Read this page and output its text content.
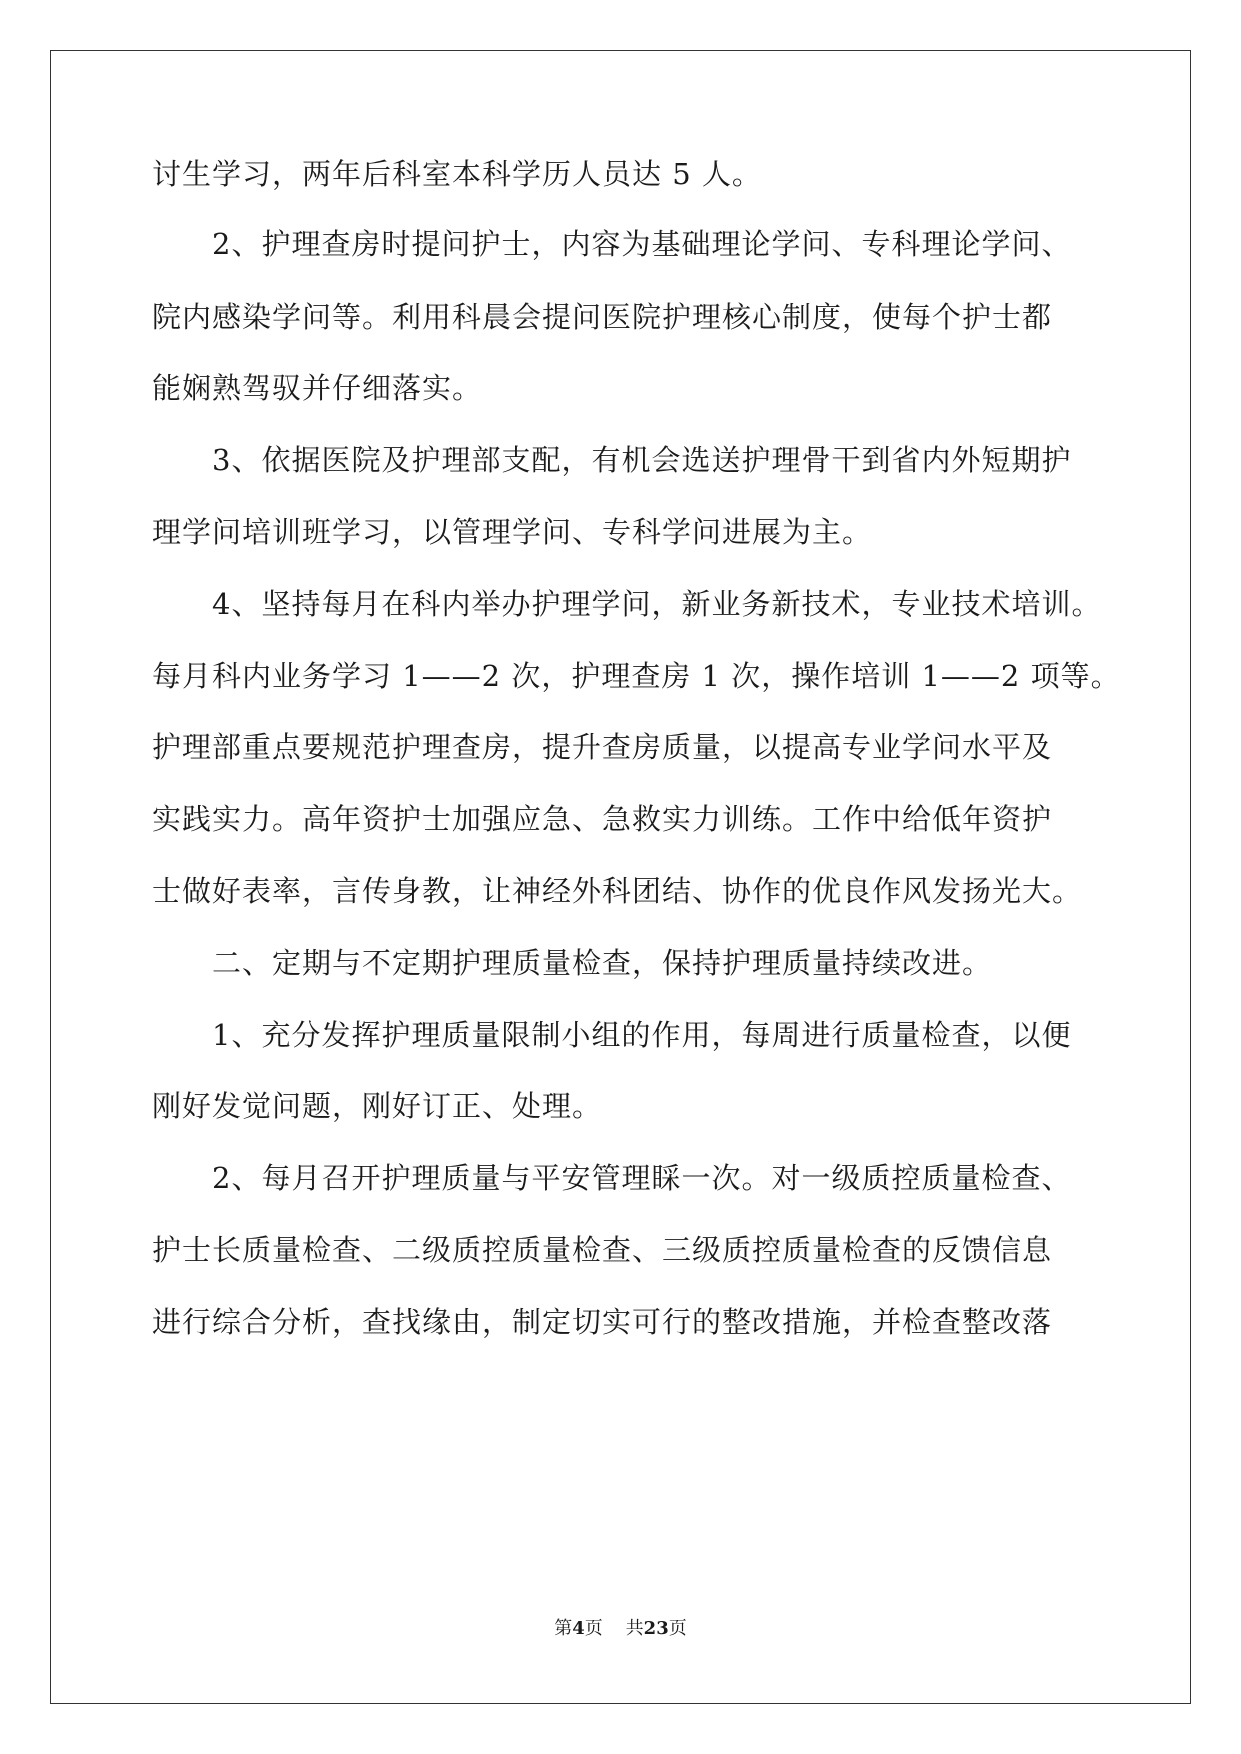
讨生学习，两年后科室本科学历人员达 5 人。
　　2、护理查房时提问护士，内容为基础理论学问、专科理论学问、
院内感染学问等。利用科晨会提问医院护理核心制度，使每个护士都
能娴熟驾驭并仔细落实。
　　3、依据医院及护理部支配，有机会选送护理骨干到省内外短期护
理学问培训班学习，以管理学问、专科学问进展为主。
　　4、坚持每月在科内举办护理学问，新业务新技术，专业技术培训。
每月科内业务学习 1——2 次，护理查房 1 次，操作培训 1——2 项等。
护理部重点要规范护理查房，提升查房质量，以提高专业学问水平及
实践实力。高年资护士加强应急、急救实力训练。工作中给低年资护
士做好表率，言传身教，让神经外科团结、协作的优良作风发扬光大。
　　二、定期与不定期护理质量检查，保持护理质量持续改进。
　　1、充分发挥护理质量限制小组的作用，每周进行质量检查，以便
刚好发觉问题，刚好订正、处理。
　　2、每月召开护理质量与平安管理睬一次。对一级质控质量检查、
护士长质量检查、二级质控质量检查、三级质控质量检查的反馈信息
进行综合分析，查找缘由，制定切实可行的整改措施，并检查整改落
第4页 共23页
